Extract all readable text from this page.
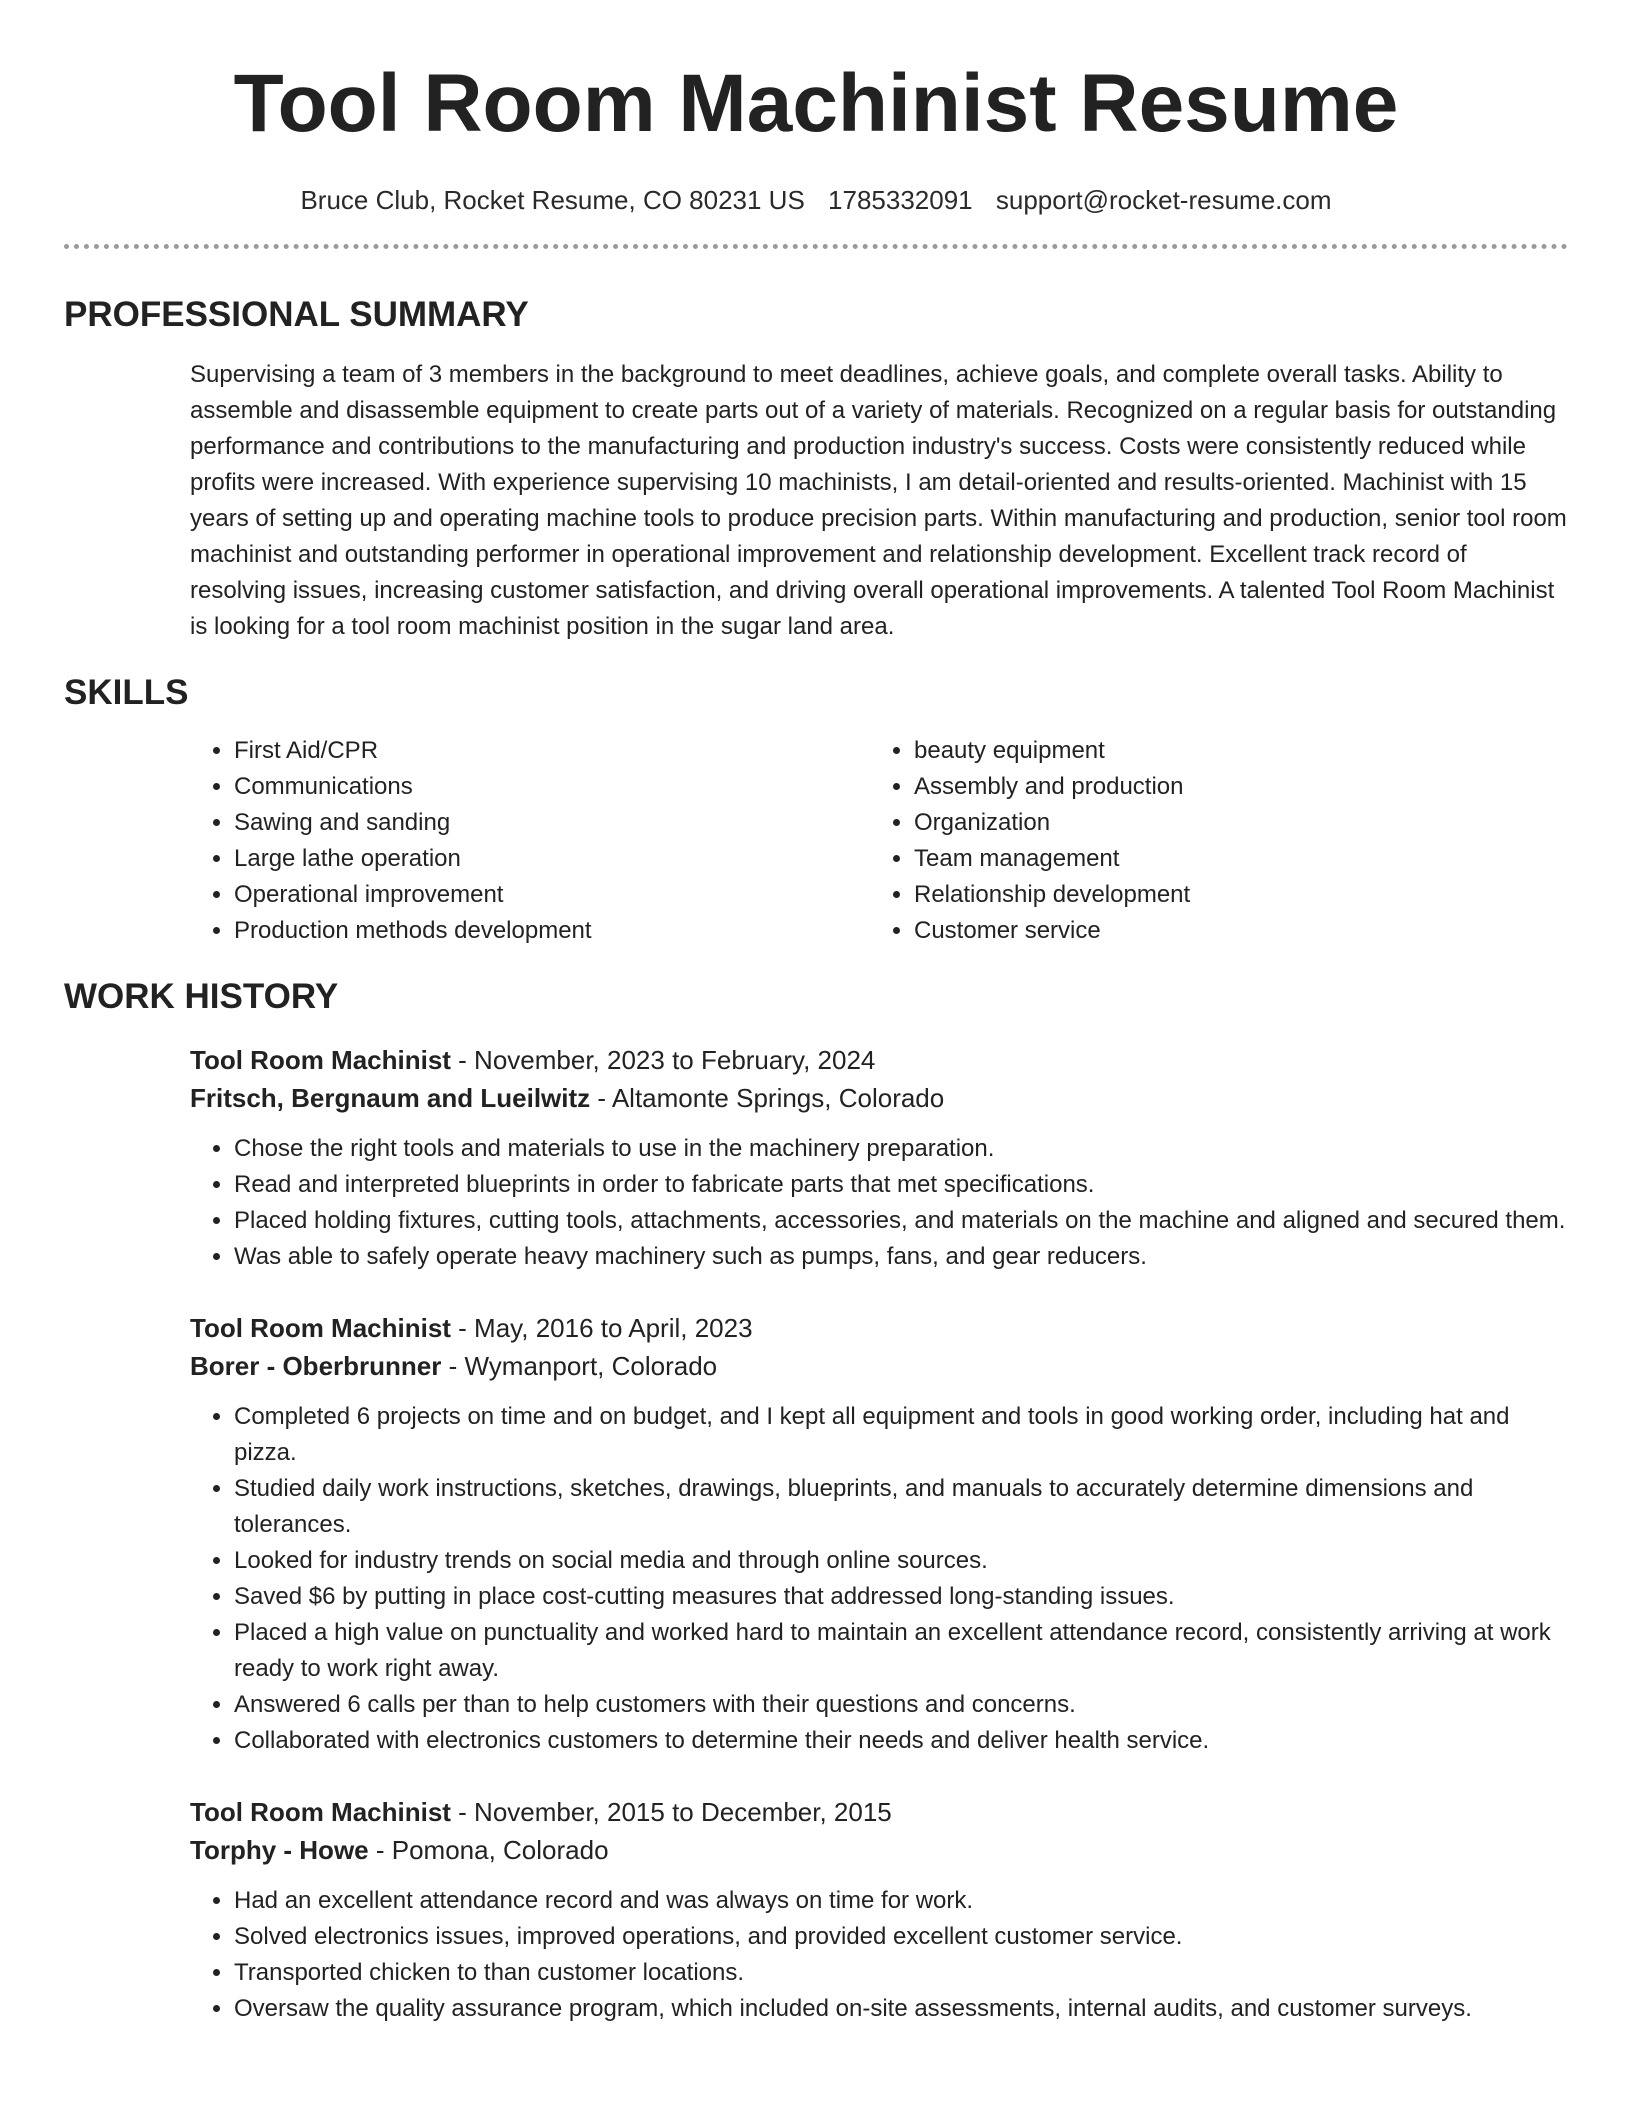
Tool Room Machinist Resume
Bruce Club, Rocket Resume, CO 80231 US 1785332091 support@rocket-resume.com
PROFESSIONAL SUMMARY

Supervising a team of 3 members in the background to meet deadlines, achieve goals, and complete overall tasks. Ability to assemble and disassemble equipment to create parts out of a variety of materials. Recognized on a regular basis for outstanding performance and contributions to the manufacturing and production industry's success. Costs were consistently reduced while profits were increased. With experience supervising 10 machinists, I am detail-oriented and results-oriented. Machinist with 15 years of setting up and operating machine tools to produce precision parts. Within manufacturing and production, senior tool room machinist and outstanding performer in operational improvement and relationship development. Excellent track record of resolving issues, increasing customer satisfaction, and driving overall operational improvements. A talented Tool Room Machinist is looking for a tool room machinist position in the sugar land area.

SKILLS
• First Aid/CPR
• Communications
• Sawing and sanding
• Large lathe operation
• Operational improvement
• Production methods development
• beauty equipment
• Assembly and production
• Organization
• Team management
• Relationship development
• Customer service
WORK HISTORY
Tool Room Machinist - November, 2023 to February, 2024
Fritsch, Bergnaum and Lueilwitz - Altamonte Springs, Colorado
• Chose the right tools and materials to use in the machinery preparation.
• Read and interpreted blueprints in order to fabricate parts that met specifications.
• Placed holding fixtures, cutting tools, attachments, accessories, and materials on the machine and aligned and secured them.
• Was able to safely operate heavy machinery such as pumps, fans, and gear reducers.
Tool Room Machinist - May, 2016 to April, 2023
Borer - Oberbrunner - Wymanport, Colorado
• Completed 6 projects on time and on budget, and I kept all equipment and tools in good working order, including hat and pizza.
• Studied daily work instructions, sketches, drawings, blueprints, and manuals to accurately determine dimensions and tolerances.
• Looked for industry trends on social media and through online sources.
• Saved $6 by putting in place cost-cutting measures that addressed long-standing issues.
• Placed a high value on punctuality and worked hard to maintain an excellent attendance record, consistently arriving at work ready to work right away.
• Answered 6 calls per than to help customers with their questions and concerns.
• Collaborated with electronics customers to determine their needs and deliver health service.
Tool Room Machinist - November, 2015 to December, 2015
Torphy - Howe - Pomona, Colorado
• Had an excellent attendance record and was always on time for work.
• Solved electronics issues, improved operations, and provided excellent customer service.
• Transported chicken to than customer locations.
• Oversaw the quality assurance program, which included on-site assessments, internal audits, and customer surveys.
